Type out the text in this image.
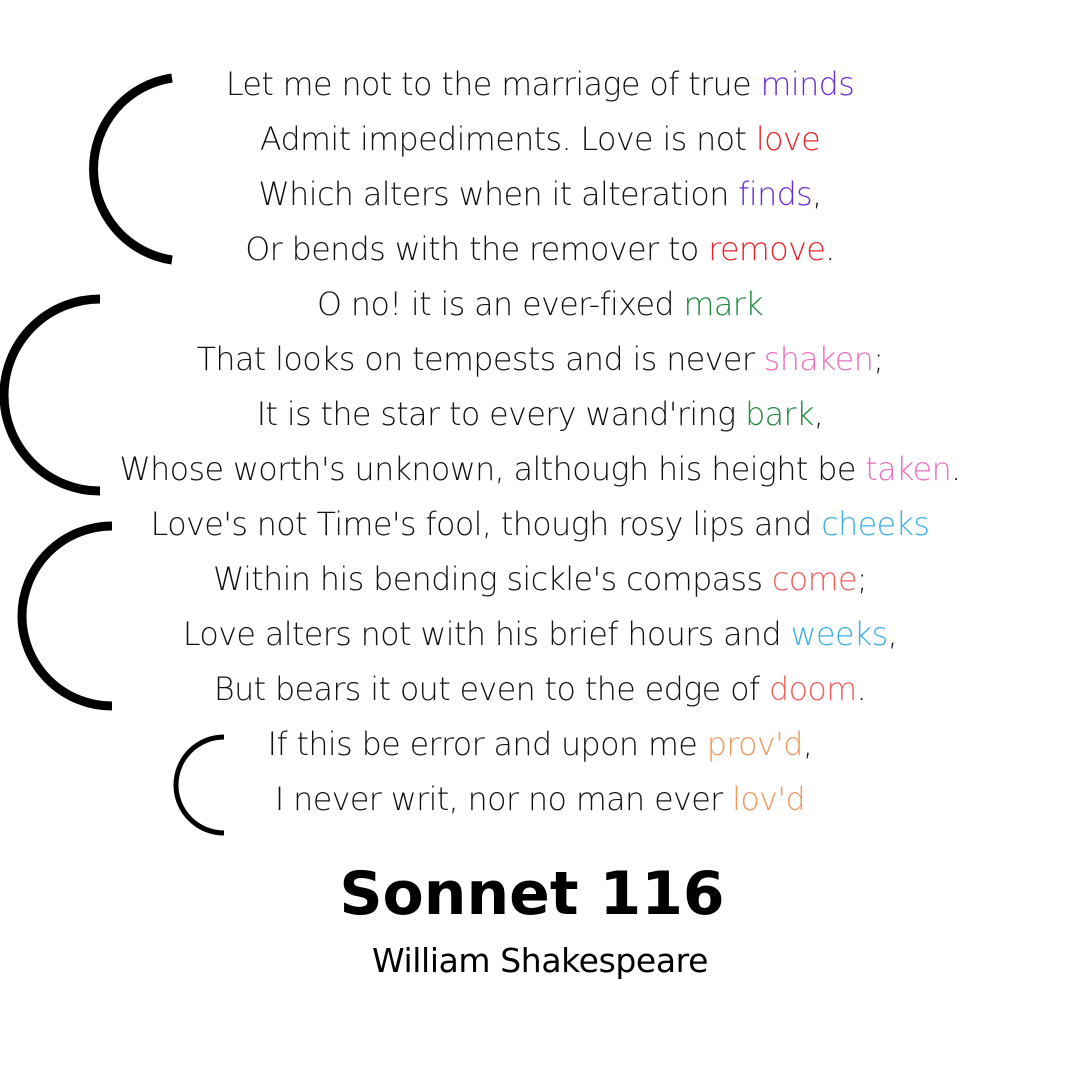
Let me not to the marriage of true minds
Admit impediments. Love is not love
Which alters when it alteration finds,
Or bends with the remover to remove.
O no! it is an ever-fixed mark
That looks on tempests and is never shaken;
It is the star to every wand'ring bark,
Whose worth's unknown, although his height be taken.
Love's not Time's fool, though rosy lips and cheeks
Within his bending sickle's compass come;
Love alters not with his brief hours and weeks,
But bears it out even to the edge of doom.
If this be error and upon me prov'd,
I never writ, nor no man ever lov'd
Sonnet 116
William Shakespeare
